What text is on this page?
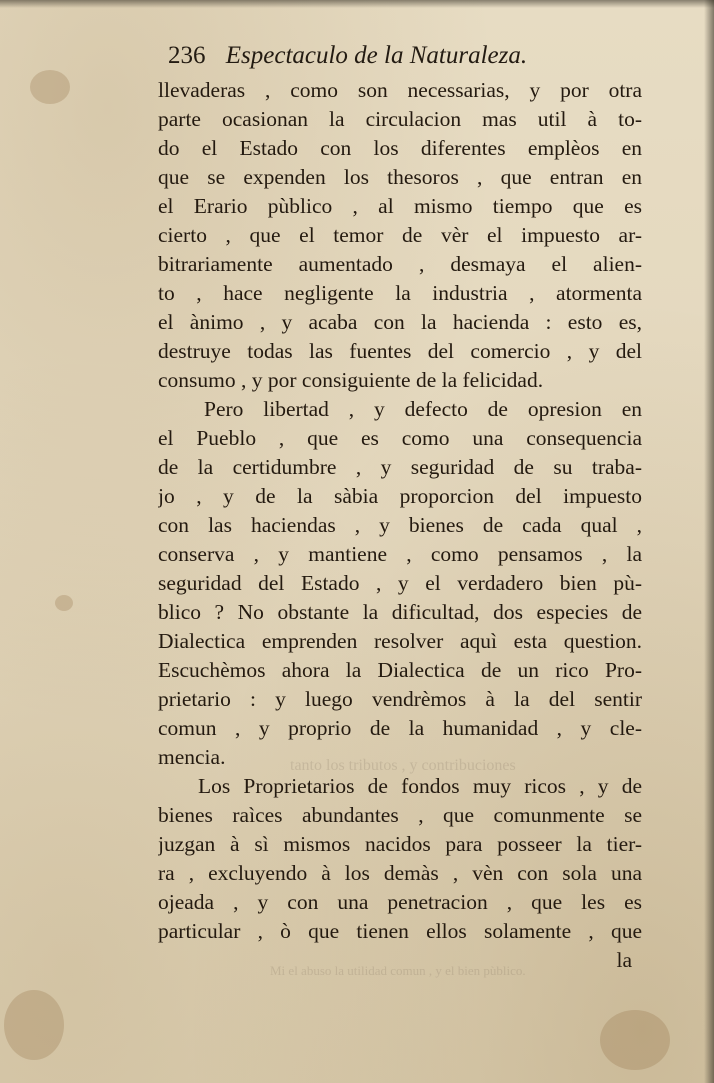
tanto los tributos , y contribuciones
Mi el abuso la utilidad comun , y el bien pùblico.
236 Espectaculo de la Naturaleza.
llevaderas , como son necessarias, y por otra
parte ocasionan la circulacion mas util à to-
do el Estado con los diferentes emplèos en
que se expenden los thesoros , que entran en
el Erario pùblico , al mismo tiempo que es
cierto , que el temor de vèr el impuesto ar-
bitrariamente aumentado , desmaya el alien-
to , hace negligente la industria , atormenta
el ànimo , y acaba con la hacienda : esto es,
destruye todas las fuentes del comercio , y del
consumo , y por consiguiente de la felicidad.
Pero libertad , y defecto de opresion en
el Pueblo , que es como una consequencia
de la certidumbre , y seguridad de su traba-
jo , y de la sàbia proporcion del impuesto
con las haciendas , y bienes de cada qual ,
conserva , y mantiene , como pensamos , la
seguridad del Estado , y el verdadero bien pù-
blico ? No obstante la dificultad, dos especies de
Dialectica emprenden resolver aquì esta question.
Escuchèmos ahora la Dialectica de un rico Pro-
prietario : y luego vendrèmos à la del sentir
comun , y proprio de la humanidad , y cle-
mencia.
Los Proprietarios de fondos muy ricos , y de
bienes raìces abundantes , que comunmente se
juzgan à sì mismos nacidos para posseer la tier-
ra , excluyendo à los demàs , vèn con sola una
ojeada , y con una penetracion , que les es
particular , ò que tienen ellos solamente , que
la
